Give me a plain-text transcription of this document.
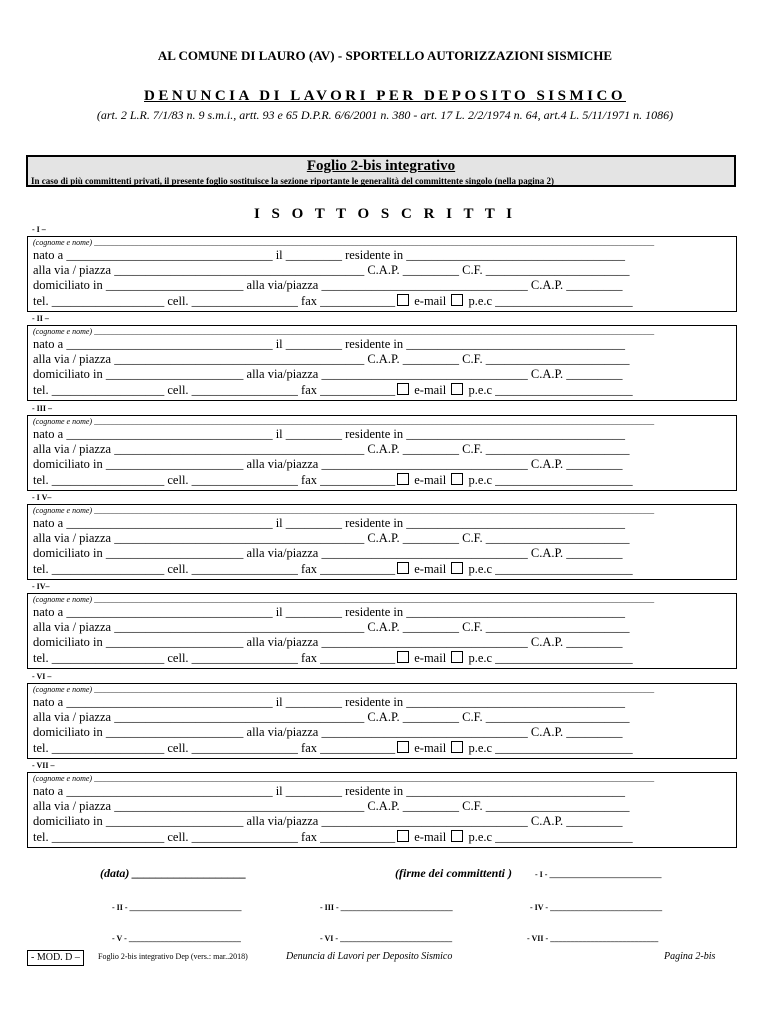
AL COMUNE DI LAURO (AV) - SPORTELLO AUTORIZZAZIONI SISMICHE
DENUNCIA DI LAVORI PER DEPOSITO SISMICO
(art. 2 L.R. 7/1/83 n. 9 s.m.i., artt. 93 e 65 D.P.R. 6/6/2001 n. 380 - art. 17 L. 2/2/1974 n. 64, art.4 L. 5/11/1971 n. 1086)
Foglio 2-bis integrativo
In caso di più committenti privati, il presente foglio sostituisce la sezione riportante le generalità del committente singolo (nella pagina 2)
I S O T T O S C R I T T I
- I –
(cognome e nome) ____________________________________________________________________________________________________________________________________________
nato a _________________________________ il _________ residente in ___________________________________
alla via / piazza ________________________________________ C.A.P. _________ C.F. _______________________
domiciliato in ______________________ alla via/piazza _________________________________ C.A.P. _________
tel. __________________ cell. _________________ fax ____________ e-mail  p.e.c ______________________
- II –
(cognome e nome) ____________________________________________________________________________________________________________________________________________
nato a _________________________________ il _________ residente in ___________________________________
alla via / piazza ________________________________________ C.A.P. _________ C.F. _______________________
domiciliato in ______________________ alla via/piazza _________________________________ C.A.P. _________
tel. __________________ cell. _________________ fax ____________ e-mail  p.e.c ______________________
- III –
(cognome e nome) ____________________________________________________________________________________________________________________________________________
nato a _________________________________ il _________ residente in ___________________________________
alla via / piazza ________________________________________ C.A.P. _________ C.F. _______________________
domiciliato in ______________________ alla via/piazza _________________________________ C.A.P. _________
tel. __________________ cell. _________________ fax ____________ e-mail  p.e.c ______________________
- I V–
(cognome e nome) ____________________________________________________________________________________________________________________________________________
nato a _________________________________ il _________ residente in ___________________________________
alla via / piazza ________________________________________ C.A.P. _________ C.F. _______________________
domiciliato in ______________________ alla via/piazza _________________________________ C.A.P. _________
tel. __________________ cell. _________________ fax ____________ e-mail  p.e.c ______________________
- IV–
(cognome e nome) ____________________________________________________________________________________________________________________________________________
nato a _________________________________ il _________ residente in ___________________________________
alla via / piazza ________________________________________ C.A.P. _________ C.F. _______________________
domiciliato in ______________________ alla via/piazza _________________________________ C.A.P. _________
tel. __________________ cell. _________________ fax ____________ e-mail  p.e.c ______________________
- VI –
(cognome e nome) ____________________________________________________________________________________________________________________________________________
nato a _________________________________ il _________ residente in ___________________________________
alla via / piazza ________________________________________ C.A.P. _________ C.F. _______________________
domiciliato in ______________________ alla via/piazza _________________________________ C.A.P. _________
tel. __________________ cell. _________________ fax ____________ e-mail  p.e.c ______________________
- VII –
(cognome e nome) ____________________________________________________________________________________________________________________________________________
nato a _________________________________ il _________ residente in ___________________________________
alla via / piazza ________________________________________ C.A.P. _________ C.F. _______________________
domiciliato in ______________________ alla via/piazza _________________________________ C.A.P. _________
tel. __________________ cell. _________________ fax ____________ e-mail  p.e.c ______________________
(data) ___________________	(firme dei committenti )	- I - ____________________________
- II - ____________________________	- III - ____________________________	- IV - ____________________________
- V - ____________________________	- VI - ____________________________	- VII - ___________________________
- MOD. D –	Foglio 2-bis integrativo Dep (vers.: mar..2018)	Denuncia di Lavori per Deposito Sismico	Pagina 2-bis
